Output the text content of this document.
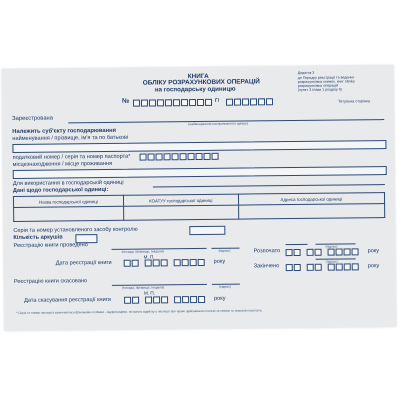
Додаток 3
до Порядку реєстрації та ведення
розрахункових книжок, книг обліку
розрахункових операцій
(пункт 3 глави 1 розділу II)
Титульна сторінка
КНИГА
ОБЛІКУ РОЗРАХУНКОВИХ ОПЕРАЦІЙ
на господарську одиницю
№	Г/
Зареєстрована
(найменування контролюючого органу)
Належить суб'єкту господарювання
найменування / прізвище, ім'я та по батькові
податковий номер / серія та номер паспорта*
місцезнаходження / місце проживання
Для використання в господарській одиниці
Дані щодо господарської одиниці:
Назва господарської одиниці	КОАТУУ господарської одиниці	Адреса господарської одиниці

Серія та номер установленого засобу контролю
Кількість аркушів
Реєстрацію книги проведено
(посада, прізвище, ініціали)	(підпис)
М. П.
Дата реєстрації книги	року
Розпочато
(підпис)
року
Закінчено
(підпис)
року
Реєстрацію книги скасовано
(посада, прізвище, ініціали)	(підпис)
М. П.
Дата скасування реєстрації книги	року
* Серія та номер паспорта зазначаються фізичними особами - підприємцями, які мають відмітку у паспорті про право здійснювати платежі за серією та номером паспорта.
